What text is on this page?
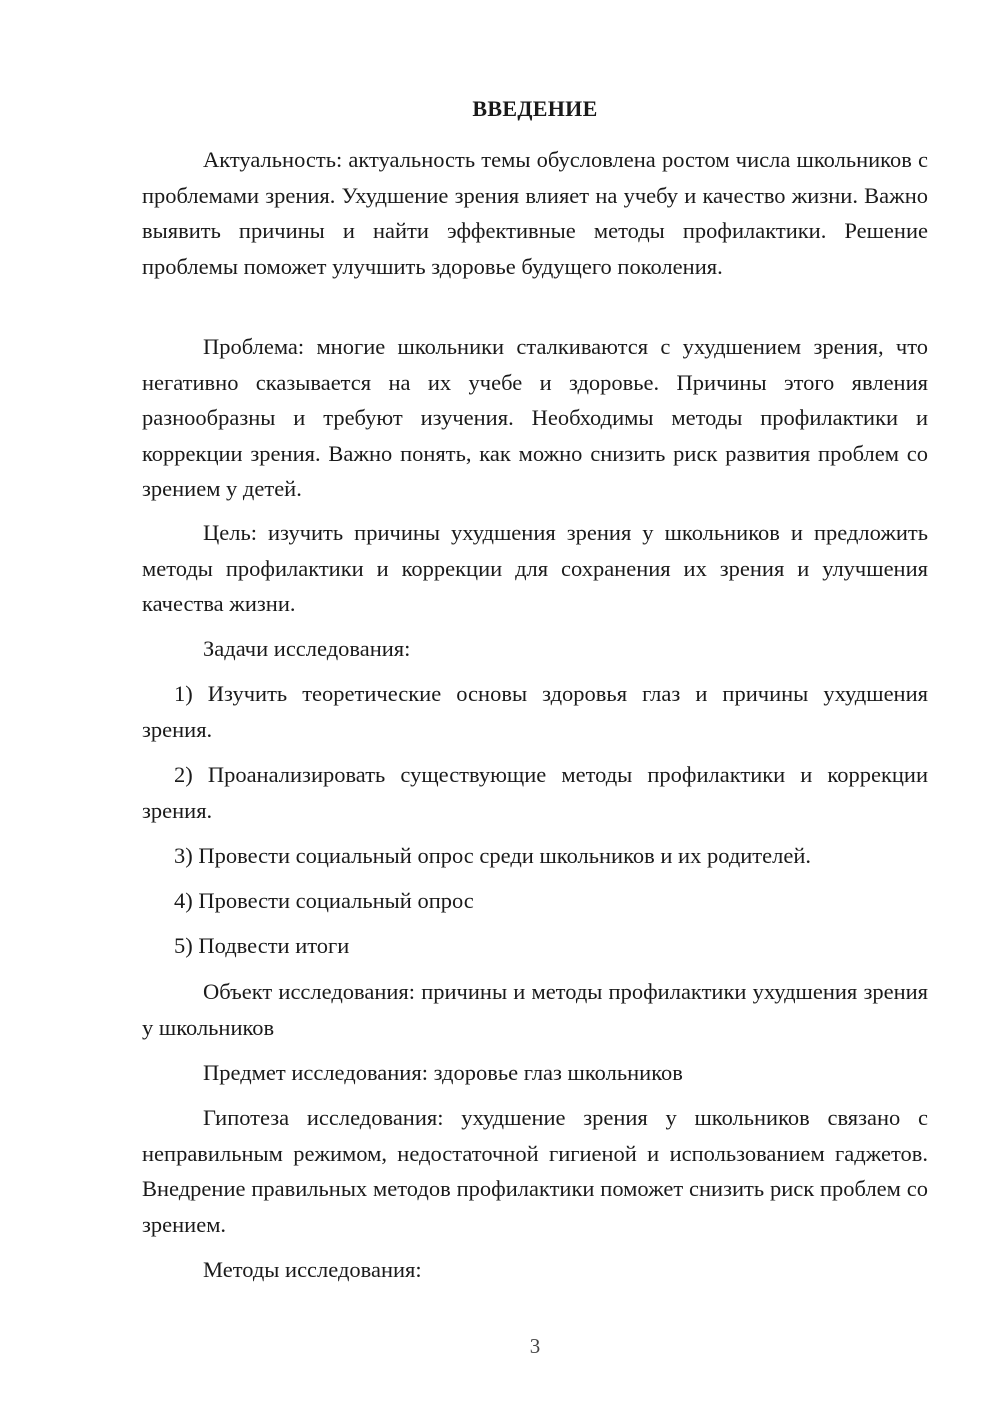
ВВЕДЕНИЕ

Актуальность: актуальность темы обусловлена ростом числа школьников с проблемами зрения. Ухудшение зрения влияет на учебу и качество жизни. Важно выявить причины и найти эффективные методы профилактики. Решение проблемы поможет улучшить здоровье будущего поколения.

Проблема: многие школьники сталкиваются с ухудшением зрения, что негативно сказывается на их учебе и здоровье. Причины этого явления разнообразны и требуют изучения. Необходимы методы профилактики и коррекции зрения. Важно понять, как можно снизить риск развития проблем со зрением у детей.

Цель: изучить причины ухудшения зрения у школьников и предложить методы профилактики и коррекции для сохранения их зрения и улучшения качества жизни.

Задачи исследования:

1) Изучить теоретические основы здоровья глаз и причины ухудшения зрения.

2) Проанализировать существующие методы профилактики и коррекции зрения.

3) Провести социальный опрос среди школьников и их родителей.

4) Провести социальный опрос

5) Подвести итоги

Объект исследования: причины и методы профилактики ухудшения зрения у школьников

Предмет исследования: здоровье глаз школьников

Гипотеза исследования: ухудшение зрения у школьников связано с неправильным режимом, недостаточной гигиеной и использованием гаджетов. Внедрение правильных методов профилактики поможет снизить риск проблем со зрением.

Методы исследования:

3
